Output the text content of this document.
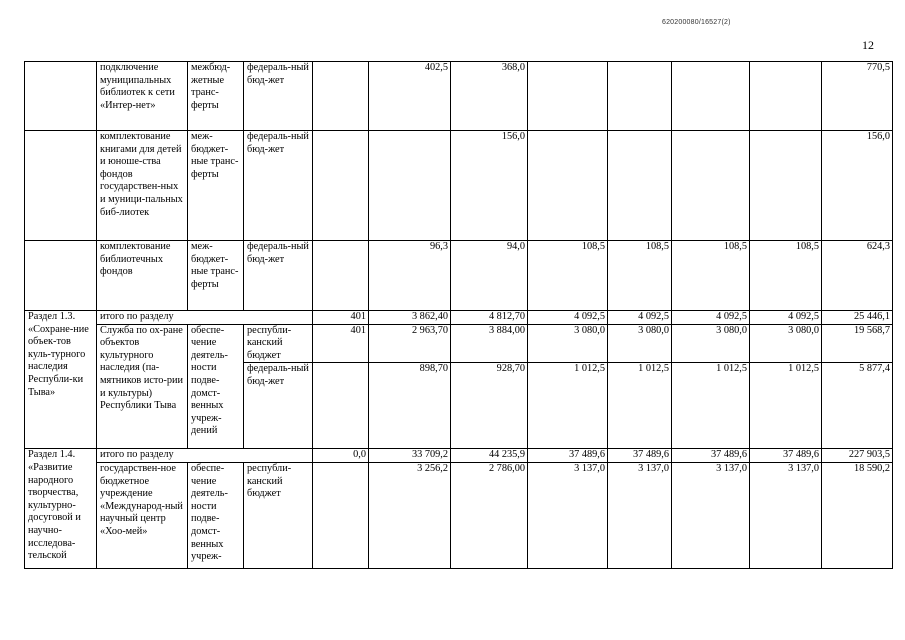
620200080/16527(2)
12
	подключение муниципальных библиотек к сети «Интер-нет»	межбюд-жетные транс-ферты	федераль-ный бюд-жет		402,5	368,0					770,5
	комплектование книгами для детей и юноше-ства фондов государствен-ных и муници-пальных биб-лиотек	меж-бюджет-ные транс-ферты	федераль-ный бюд-жет			156,0					156,0
	комплектование библиотечных фондов	меж-бюджет-ные транс-ферты	федераль-ный бюд-жет		96,3	94,0	108,5	108,5	108,5	108,5	624,3
Раздел 1.3. «Сохране-ние объек-тов куль-турного наследия Республи-ки Тыва»	итого по разделу			401	3 862,40	4 812,70	4 092,5	4 092,5	4 092,5	4 092,5	25 446,1
	Служба по ох-ране объектов культурного наследия (па-мятников исто-рии и культуры) Республики Тыва	обеспе-чение деятель-ности подве-домст-венных учреж-дений	республи-канский бюджет	401	2 963,70	3 884,00	3 080,0	3 080,0	3 080,0	3 080,0	19 568,7
			федераль-ный бюд-жет		898,70	928,70	1 012,5	1 012,5	1 012,5	1 012,5	5 877,4

Раздел 1.4. «Развитие народного творчества, культурно-досуговой и научно-исследова-тельской	итого по разделу			0,0	33 709,2	44 235,9	37 489,6	37 489,6	37 489,6	37 489,6	227 903,5
	государствен-ное бюджетное учреждение «Международ-ный научный центр «Хоо-мей»	обеспе-чение деятель-ности подве-домст-венных учреж-	республи-канский бюджет		3 256,2	2 786,00	3 137,0	3 137,0	3 137,0	3 137,0	18 590,2
